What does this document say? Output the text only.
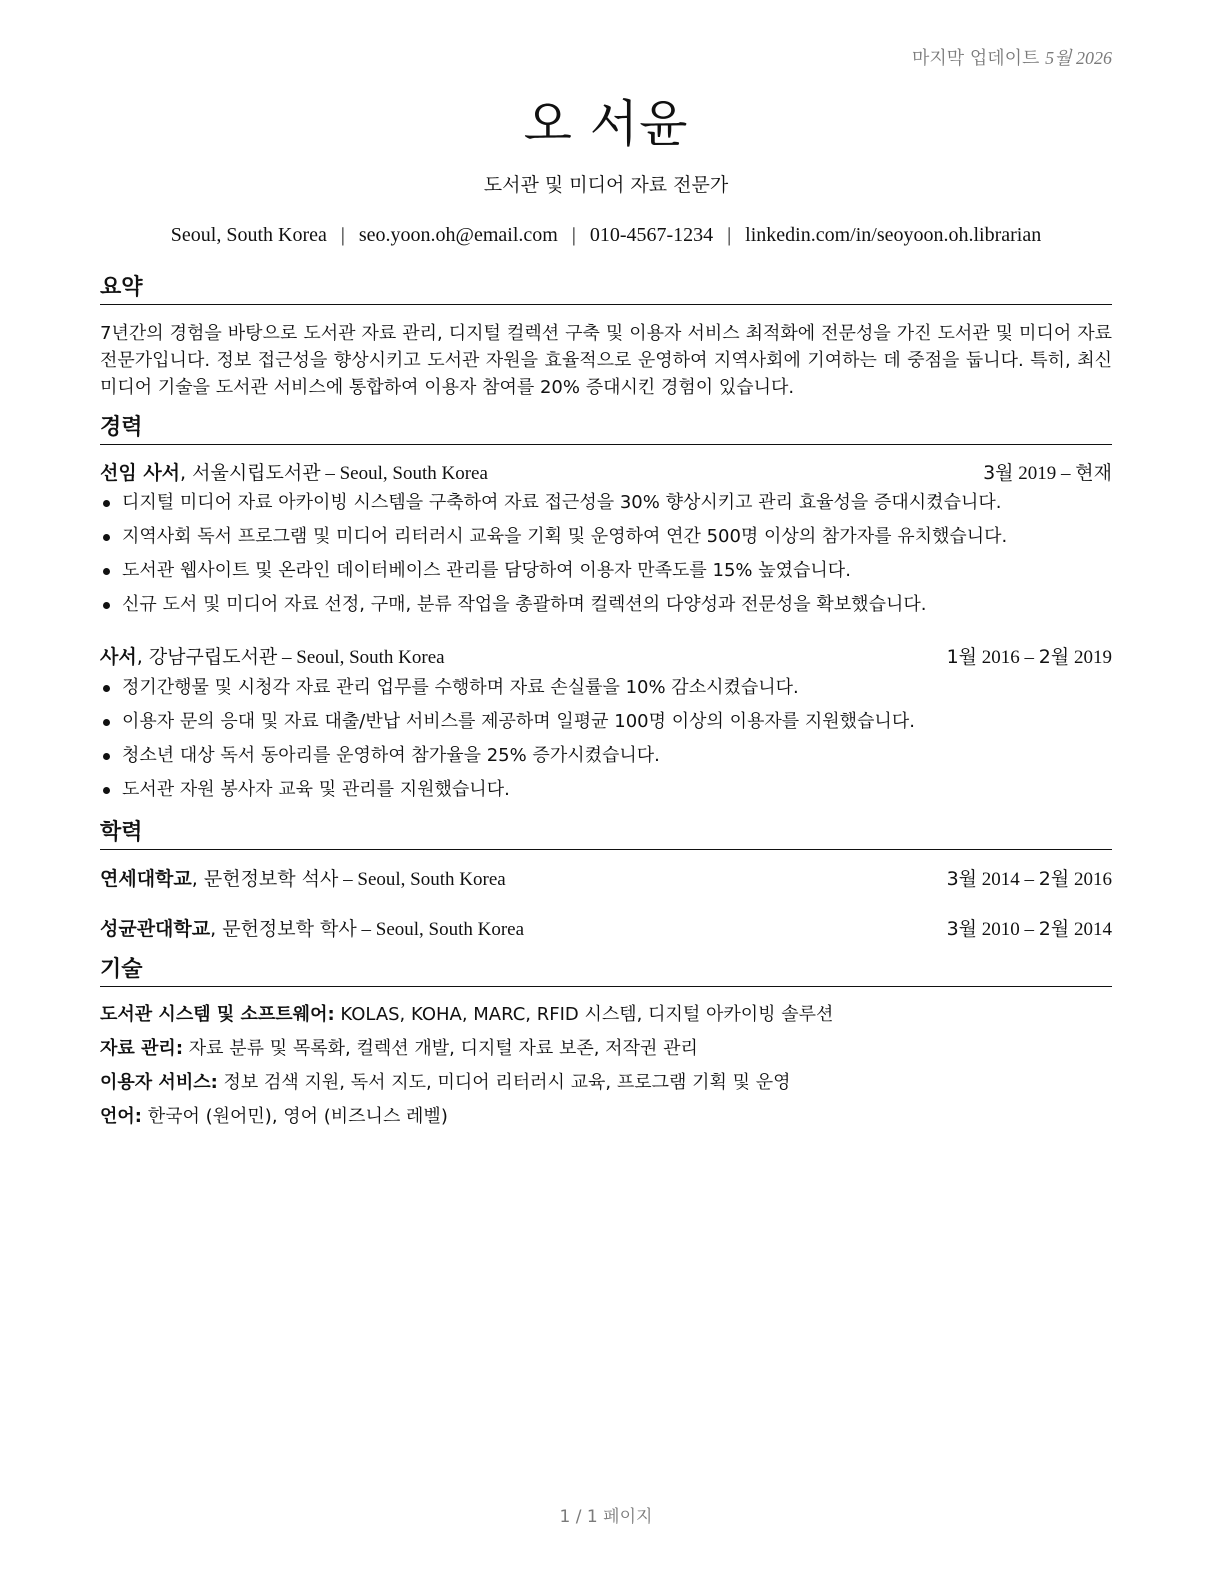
마지막 업데이트 5월 2026
오 서윤
도서관 및 미디어 자료 전문가
Seoul, South Korea | seo.yoon.oh@email.com | 010-4567-1234 | linkedin.com/in/seoyoon.oh.librarian
요약
7년간의 경험을 바탕으로 도서관 자료 관리, 디지털 컬렉션 구축 및 이용자 서비스 최적화에 전문성을 가진 도서관 및 미디어 자료 전문가입니다. 정보 접근성을 향상시키고 도서관 자원을 효율적으로 운영하여 지역사회에 기여하는 데 중점을 둡니다. 특히, 최신 미디어 기술을 도서관 서비스에 통합하여 이용자 참여를 20% 증대시킨 경험이 있습니다.
경력
선임 사서, 서울시립도서관 – Seoul, South Korea	3월 2019 – 현재
디지털 미디어 자료 아카이빙 시스템을 구축하여 자료 접근성을 30% 향상시키고 관리 효율성을 증대시켰습니다.
지역사회 독서 프로그램 및 미디어 리터러시 교육을 기획 및 운영하여 연간 500명 이상의 참가자를 유치했습니다.
도서관 웹사이트 및 온라인 데이터베이스 관리를 담당하여 이용자 만족도를 15% 높였습니다.
신규 도서 및 미디어 자료 선정, 구매, 분류 작업을 총괄하며 컬렉션의 다양성과 전문성을 확보했습니다.
사서, 강남구립도서관 – Seoul, South Korea	1월 2016 – 2월 2019
정기간행물 및 시청각 자료 관리 업무를 수행하며 자료 손실률을 10% 감소시켰습니다.
이용자 문의 응대 및 자료 대출/반납 서비스를 제공하며 일평균 100명 이상의 이용자를 지원했습니다.
청소년 대상 독서 동아리를 운영하여 참가율을 25% 증가시켰습니다.
도서관 자원 봉사자 교육 및 관리를 지원했습니다.
학력
연세대학교, 문헌정보학 석사 – Seoul, South Korea	3월 2014 – 2월 2016
성균관대학교, 문헌정보학 학사 – Seoul, South Korea	3월 2010 – 2월 2014
기술
도서관 시스템 및 소프트웨어: KOLAS, KOHA, MARC, RFID 시스템, 디지털 아카이빙 솔루션
자료 관리: 자료 분류 및 목록화, 컬렉션 개발, 디지털 자료 보존, 저작권 관리
이용자 서비스: 정보 검색 지원, 독서 지도, 미디어 리터러시 교육, 프로그램 기획 및 운영
언어: 한국어 (원어민), 영어 (비즈니스 레벨)
1 / 1 페이지
